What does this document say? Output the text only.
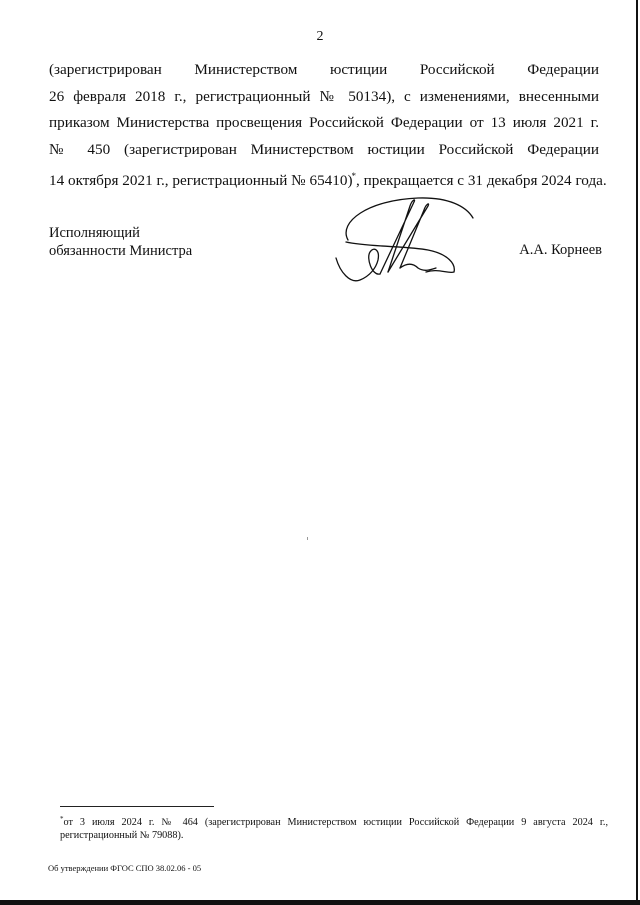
2
(зарегистрирован Министерством юстиции Российской Федерации
26 февраля 2018 г., регистрационный № 50134), с изменениями, внесенными
приказом Министерства просвещения Российской Федерации от 13 июля 2021 г.
№ 450 (зарегистрирован Министерством юстиции Российской Федерации
14 октября 2021 г., регистрационный № 65410)*, прекращается с 31 декабря 2024 года.
Исполняющий
обязанности Министра	А.А. Корнеев
*от 3 июля 2024 г. № 464 (зарегистрирован Министерством юстиции Российской Федерации 9 августа 2024 г.,
регистрационный № 79088).
Об утверждении ФГОС СПО 38.02.06 - 05
